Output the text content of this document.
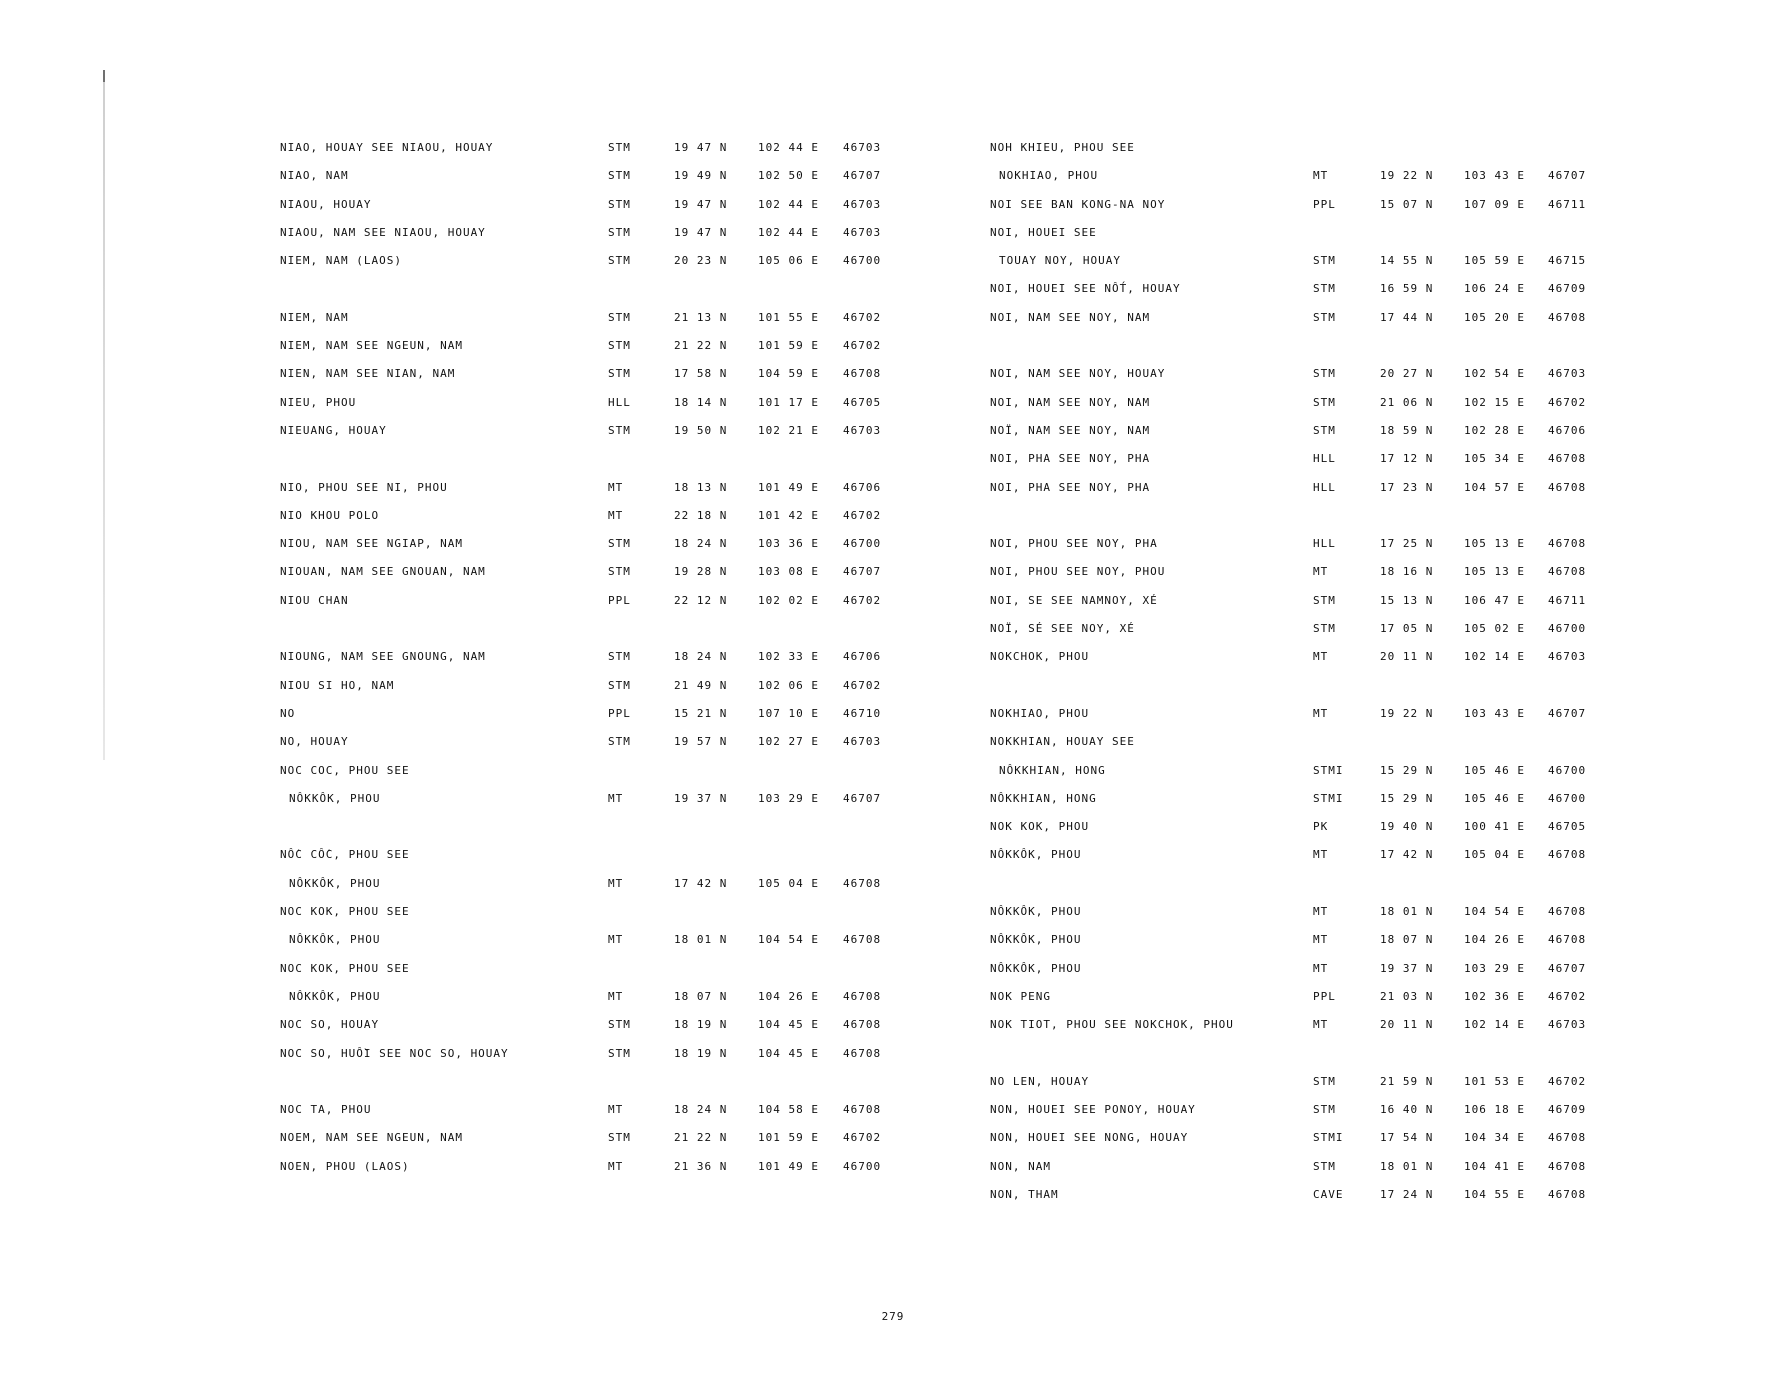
NIAO, HOUAY SEE NIAOU, HOUAY	STM	19 47 N	102 44 E 46703
NIAO, NAM	STM	19 49 N	102 50 E 46707
NIAOU, HOUAY	STM	19 47 N	102 44 E 46703
NIAOU, NAM SEE NIAOU, HOUAY	STM	19 47 N	102 44 E 46703
NIEM, NAM (LAOS)	STM	20 23 N	105 06 E 46700
NIEM, NAM	STM	21 13 N	101 55 E 46702
NIEM, NAM SEE NGEUN, NAM	STM	21 22 N	101 59 E 46702
NIEN, NAM SEE NIAN, NAM	STM	17 58 N	104 59 E 46708
NIEU, PHOU	HLL	18 14 N	101 17 E 46705
NIEUANG, HOUAY	STM	19 50 N	102 21 E 46703
NIO, PHOU SEE NI, PHOU	MT	18 13 N	101 49 E 46706
NIO KHOU POLO	MT	22 18 N	101 42 E 46702
NIOU, NAM SEE NGIAP, NAM	STM	18 24 N	103 36 E 46700
NIOUAN, NAM SEE GNOUAN, NAM	STM	19 28 N	103 08 E 46707
NIOU CHAN	PPL	22 12 N	102 02 E 46702
NIOUNG, NAM SEE GNOUNG, NAM	STM	18 24 N	102 33 E 46706
NIOU SI HO, NAM	STM	21 49 N	102 06 E 46702
NO	PPL	15 21 N	107 10 E 46710
NO, HOUAY	STM	19 57 N	102 27 E 46703
NOC COC, PHOU SEE
NÔKKÔK, PHOU	MT	19 37 N	103 29 E 46707
NỐC CỐC, PHOU SEE
NÔKKÔK, PHOU	MT	17 42 N	105 04 E 46708
NOC KOK, PHOU SEE
NÔKKÔK, PHOU	MT	18 01 N	104 54 E 46708
NOC KOK, PHOU SEE
NÔKKÔK, PHOU	MT	18 07 N	104 26 E 46708
NOC SO, HOUAY	STM	18 19 N	104 45 E 46708
NOC SO, HUỒI SEE NOC SO, HOUAY	STM	18 19 N	104 45 E 46708
NOC TA, PHOU	MT	18 24 N	104 58 E 46708
NOEM, NAM SEE NGEUN, NAM	STM	21 22 N	101 59 E 46702
NOEN, PHOU (LAOS)	MT	21 36 N	101 49 E 46700
NOH KHIEU, PHOU SEE
NOKHIAO, PHOU	MT	19 22 N	103 43 E 46707
NOI SEE BAN KONG-NA NOY	PPL	15 07 N	107 09 E 46711
NOI, HOUEI SEE
TOUAY NOY, HOUAY	STM	14 55 N	105 59 E 46715
NOI, HOUEI SEE NÔT́, HOUAY	STM	16 59 N	106 24 E 46709
NOI, NAM SEE NOY, NAM	STM	17 44 N	105 20 E 46708
NOI, NAM SEE NOY, HOUAY	STM	20 27 N	102 54 E 46703
NOI, NAM SEE NOY, NAM	STM	21 06 N	102 15 E 46702
NOÏ, NAM SEE NOY, NAM	STM	18 59 N	102 28 E 46706
NOI, PHA SEE NOY, PHA	HLL	17 12 N	105 34 E 46708
NOI, PHA SEE NOY, PHA	HLL	17 23 N	104 57 E 46708
NOI, PHOU SEE NOY, PHA	HLL	17 25 N	105 13 E 46708
NOI, PHOU SEE NOY, PHOU	MT	18 16 N	105 13 E 46708
NOI, SE SEE NAMNOY, XÉ	STM	15 13 N	106 47 E 46711
NOÏ, SÉ SEE NOY, XÉ	STM	17 05 N	105 02 E 46700
NOKCHOK, PHOU	MT	20 11 N	102 14 E 46703
NOKHIAO, PHOU	MT	19 22 N	103 43 E 46707
NOKKHIAN, HOUAY SEE
NÔKKHIAN, HONG	STMI	15 29 N	105 46 E 46700
NÔKKHIAN, HONG	STMI	15 29 N	105 46 E 46700
NOK KOK, PHOU	PK	19 40 N	100 41 E 46705
NÔKKÔK, PHOU	MT	17 42 N	105 04 E 46708
NÔKKÔK, PHOU	MT	18 01 N	104 54 E 46708
NÔKKÔK, PHOU	MT	18 07 N	104 26 E 46708
NÔKKÔK, PHOU	MT	19 37 N	103 29 E 46707
NOK PENG	PPL	21 03 N	102 36 E 46702
NOK TIOT, PHOU SEE NOKCHOK, PHOU	MT	20 11 N	102 14 E 46703
NO LEN, HOUAY	STM	21 59 N	101 53 E 46702
NON, HOUEI SEE PONOY, HOUAY	STM	16 40 N	106 18 E 46709
NON, HOUEI SEE NONG, HOUAY	STMI	17 54 N	104 34 E 46708
NON, NAM	STM	18 01 N	104 41 E 46708
NON, THAM	CAVE	17 24 N	104 55 E 46708
279
